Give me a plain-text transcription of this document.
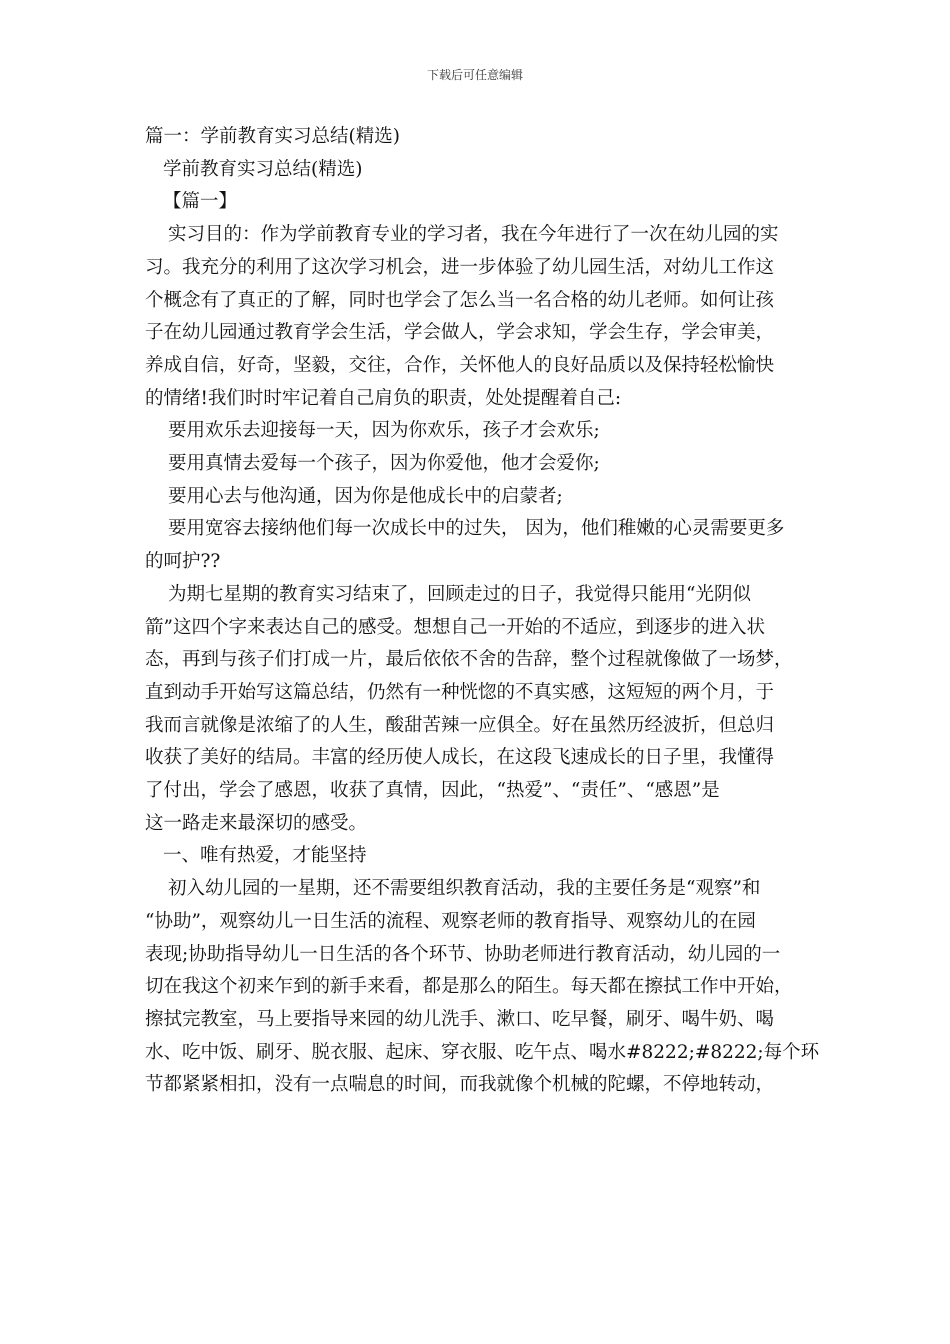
下载后可任意编辑

篇一：学前教育实习总结(精选)

学前教育实习总结(精选)

【篇一】

实习目的：作为学前教育专业的学习者，我在今年进行了一次在幼儿园的实

习。我充分的利用了这次学习机会，进一步体验了幼儿园生活，对幼儿工作这

个概念有了真正的了解，同时也学会了怎么当一名合格的幼儿老师。如何让孩

子在幼儿园通过教育学会生活，学会做人，学会求知，学会生存，学会审美，

养成自信，好奇，坚毅，交往，合作，关怀他人的良好品质以及保持轻松愉快

的情绪!我们时时牢记着自己肩负的职责，处处提醒着自己:

要用欢乐去迎接每一天，因为你欢乐，孩子才会欢乐;

要用真情去爱每一个孩子，因为你爱他，他才会爱你;

要用心去与他沟通，因为你是他成长中的启蒙者;

要用宽容去接纳他们每一次成长中的过失， 因为，他们稚嫩的心灵需要更多

的呵护??

为期七星期的教育实习结束了，回顾走过的日子，我觉得只能用“光阴似

箭”这四个字来表达自己的感受。想想自己一开始的不适应，到逐步的进入状

态，再到与孩子们打成一片，最后依依不舍的告辞，整个过程就像做了一场梦，

直到动手开始写这篇总结，仍然有一种恍惚的不真实感，这短短的两个月，于

我而言就像是浓缩了的人生，酸甜苦辣一应俱全。好在虽然历经波折，但总归

收获了美好的结局。丰富的经历使人成长，在这段飞速成长的日子里，我懂得

了付出，学会了感恩，收获了真情，因此，“热爱”、“责任”、“感恩”是

这一路走来最深切的感受。

一、唯有热爱，才能坚持

初入幼儿园的一星期，还不需要组织教育活动，我的主要任务是“观察”和

“协助”，观察幼儿一日生活的流程、观察老师的教育指导、观察幼儿的在园

表现;协助指导幼儿一日生活的各个环节、协助老师进行教育活动，幼儿园的一

切在我这个初来乍到的新手来看，都是那么的陌生。每天都在擦拭工作中开始，

擦拭完教室，马上要指导来园的幼儿洗手、漱口、吃早餐，刷牙、喝牛奶、喝

水、吃中饭、刷牙、脱衣服、起床、穿衣服、吃午点、喝水#8222;#8222;每个环

节都紧紧相扣，没有一点喘息的时间，而我就像个机械的陀螺，不停地转动，
